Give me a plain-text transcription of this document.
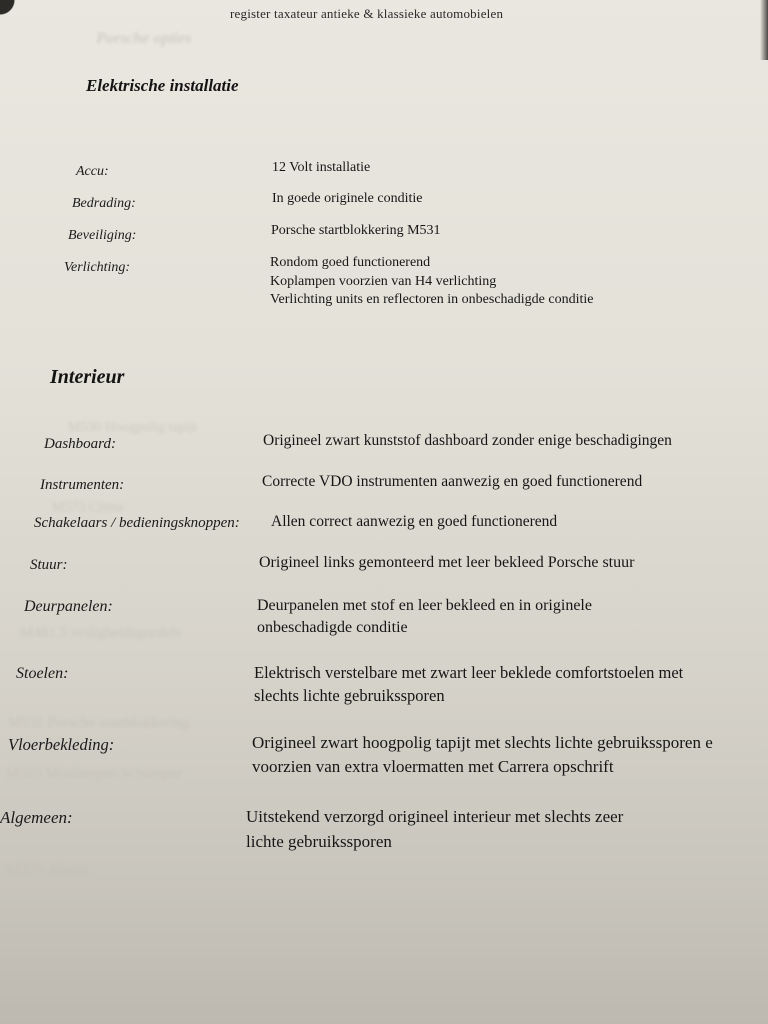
Porsche opties
M530 Hoogpolig tapijt
M573 Clima
M481.5 veiligheidsgordels
M531 Porsche startblokkering
M565 Mistlampen in bumper
M375 Alarm
register taxateur antieke & klassieke automobielen
Elektrische installatie
Accu:	12 Volt installatie
Bedrading:	In goede originele conditie
Beveiliging:	Porsche startblokkering M531
Verlichting:	Rondom goed functionerend
Koplampen voorzien van H4 verlichting
Verlichting units en reflectoren in onbeschadigde conditie
Interieur
Dashboard:	Origineel zwart kunststof dashboard zonder enige beschadigingen
Instrumenten:	Correcte VDO instrumenten aanwezig en goed functionerend
Schakelaars / bedieningsknoppen: Allen correct aanwezig en goed functionerend
Stuur:	Origineel links gemonteerd met leer bekleed Porsche stuur
Deurpanelen:	Deurpanelen met stof en leer bekleed en in originele
onbeschadigde conditie
Stoelen:	Elektrisch verstelbare met zwart leer beklede comfortstoelen met
slechts lichte gebruikssporen
Vloerbekleding:	Origineel zwart hoogpolig tapijt met slechts lichte gebruikssporen e
voorzien van extra vloermatten met Carrera opschrift
Algemeen:	Uitstekend verzorgd origineel interieur met slechts zeer
lichte gebruikssporen
